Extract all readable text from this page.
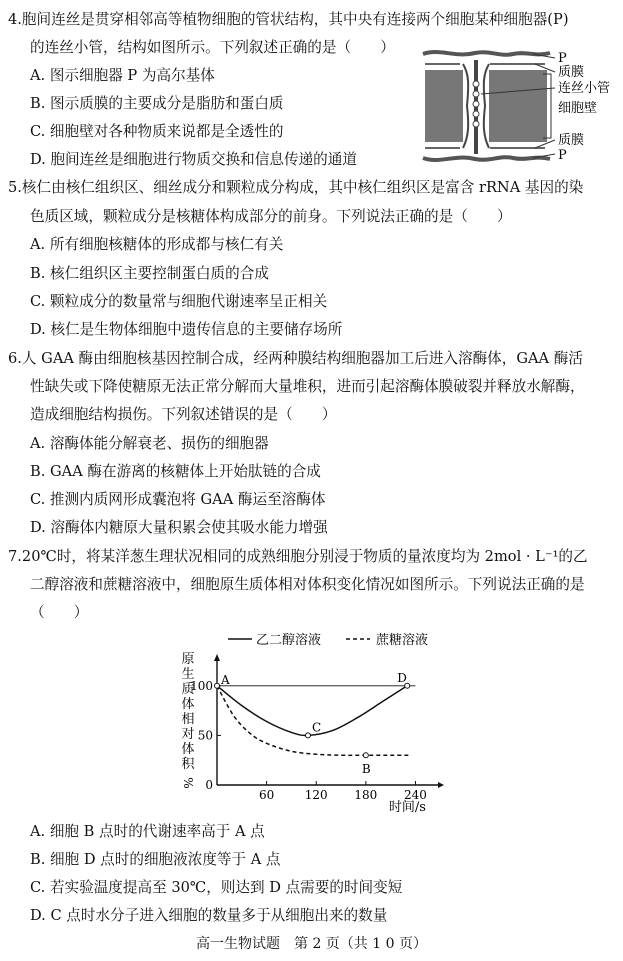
4.胞间连丝是贯穿相邻高等植物细胞的管状结构，其中央有连接两个细胞某种细胞器(P)
的连丝小管，结构如图所示。下列叙述正确的是（　　）
A. 图示细胞器 P 为高尔基体
B. 图示质膜的主要成分是脂肪和蛋白质
C. 细胞壁对各种物质来说都是全透性的
D. 胞间连丝是细胞进行物质交换和信息传递的通道
P
质膜
连丝小管
细胞壁
质膜
P
5.核仁由核仁组织区、细丝成分和颗粒成分构成，其中核仁组织区是富含 rRNA 基因的染
色质区域，颗粒成分是核糖体构成部分的前身。下列说法正确的是（　　）
A. 所有细胞核糖体的形成都与核仁有关
B. 核仁组织区主要控制蛋白质的合成
C. 颗粒成分的数量常与细胞代谢速率呈正相关
D. 核仁是生物体细胞中遗传信息的主要储存场所
6.人 GAA 酶由细胞核基因控制合成，经两种膜结构细胞器加工后进入溶酶体，GAA 酶活
性缺失或下降使糖原无法正常分解而大量堆积，进而引起溶酶体膜破裂并释放水解酶，
造成细胞结构损伤。下列叙述错误的是（　　）
A. 溶酶体能分解衰老、损伤的细胞器
B. GAA 酶在游离的核糖体上开始肽链的合成
C. 推测内质网形成囊泡将 GAA 酶运至溶酶体
D. 溶酶体内糖原大量积累会使其吸水能力增强
7.20℃时，将某洋葱生理状况相同的成熟细胞分别浸于物质的量浓度均为 2mol · L⁻¹的乙
二醇溶液和蔗糖溶液中，细胞原生质体相对体积变化情况如图所示。下列说法正确的是
（　　）
乙二醇溶液	蔗糖溶液
原
生
质
体
相
对
体
积
%
时间/s
60	120 180 240
0
50
100 A
C
B
D
A. 细胞 B 点时的代谢速率高于 A 点
B. 细胞 D 点时的细胞液浓度等于 A 点
C. 若实验温度提高至 30℃，则达到 D 点需要的时间变短
D. C 点时水分子进入细胞的数量多于从细胞出来的数量
高一生物试题　第 2 页（共 1 0 页）
